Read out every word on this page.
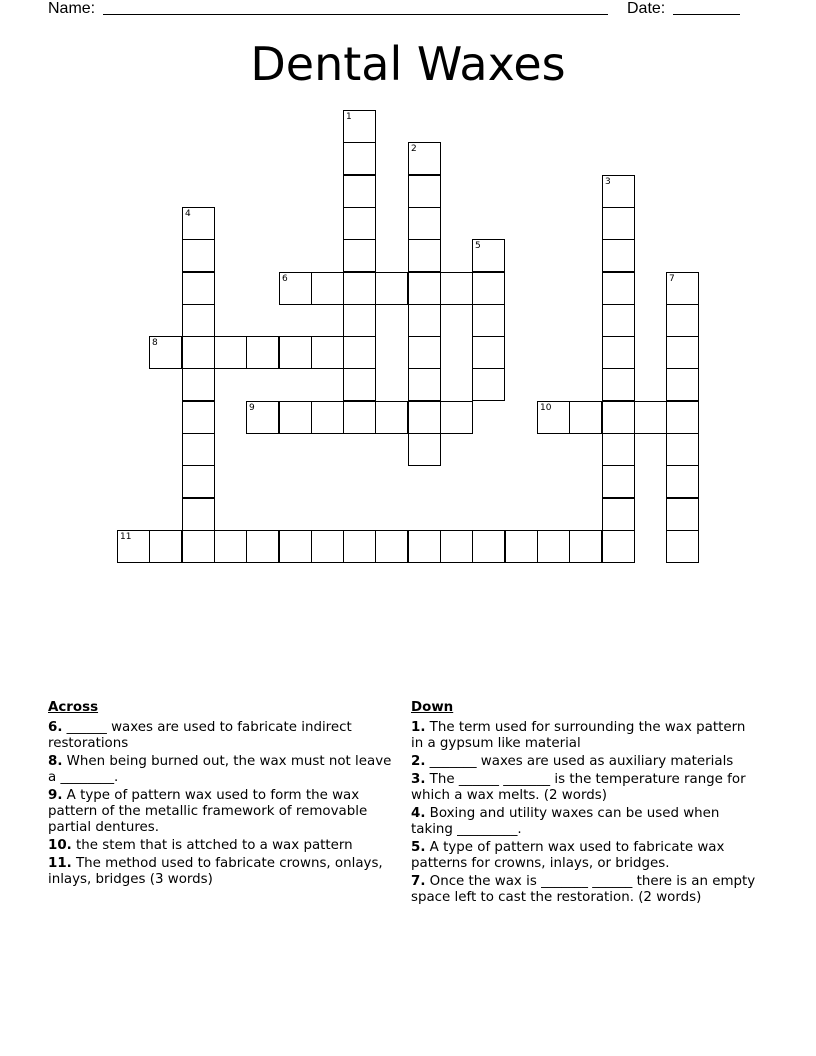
Name:	Date:
Dental Waxes
1
2
3
4
5
6	7
8
9	10
11
Across
6. ______ waxes are used to fabricate indirect restorations
8. When being burned out, the wax must not leave a ________.
9. A type of pattern wax used to form the wax pattern of the metallic framework of removable partial dentures.
10. the stem that is attched to a wax pattern
11. The method used to fabricate crowns, onlays, inlays, bridges (3 words)
Down
1. The term used for surrounding the wax pattern in a gypsum like material
2. _______ waxes are used as auxiliary materials
3. The ______ _______ is the temperature range for which a wax melts. (2 words)
4. Boxing and utility waxes can be used when taking _________.
5. A type of pattern wax used to fabricate wax patterns for crowns, inlays, or bridges.
7. Once the wax is _______ ______ there is an empty space left to cast the restoration. (2 words)
